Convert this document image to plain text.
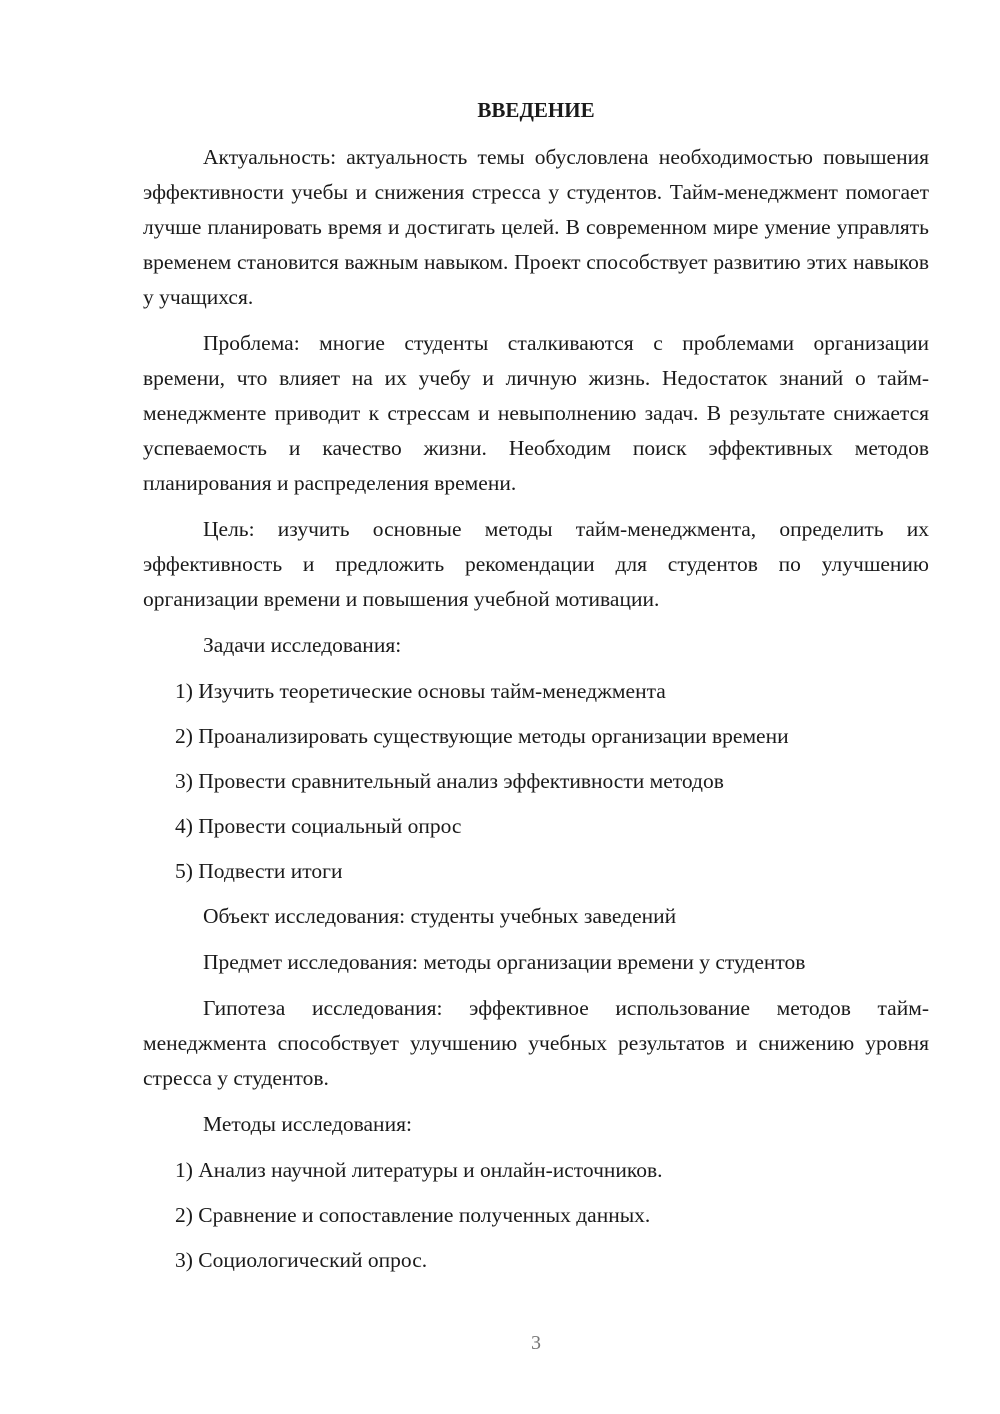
ВВЕДЕНИЕ

Актуальность: актуальность темы обусловлена необходимостью повышения эффективности учебы и снижения стресса у студентов. Тайм-менеджмент помогает лучше планировать время и достигать целей. В современном мире умение управлять временем становится важным навыком. Проект способствует развитию этих навыков у учащихся.

Проблема: многие студенты сталкиваются с проблемами организации времени, что влияет на их учебу и личную жизнь. Недостаток знаний о тайм-менеджменте приводит к стрессам и невыполнению задач. В результате снижается успеваемость и качество жизни. Необходим поиск эффективных методов планирования и распределения времени.

Цель: изучить основные методы тайм-менеджмента, определить их эффективность и предложить рекомендации для студентов по улучшению организации времени и повышения учебной мотивации.

Задачи исследования:

1) Изучить теоретические основы тайм-менеджмента

2) Проанализировать существующие методы организации времени

3) Провести сравнительный анализ эффективности методов

4) Провести социальный опрос

5) Подвести итоги

Объект исследования: студенты учебных заведений

Предмет исследования: методы организации времени у студентов

Гипотеза исследования: эффективное использование методов тайм-менеджмента способствует улучшению учебных результатов и снижению уровня стресса у студентов.

Методы исследования:

1) Анализ научной литературы и онлайн-источников.

2) Сравнение и сопоставление полученных данных.

3) Социологический опрос.

3
